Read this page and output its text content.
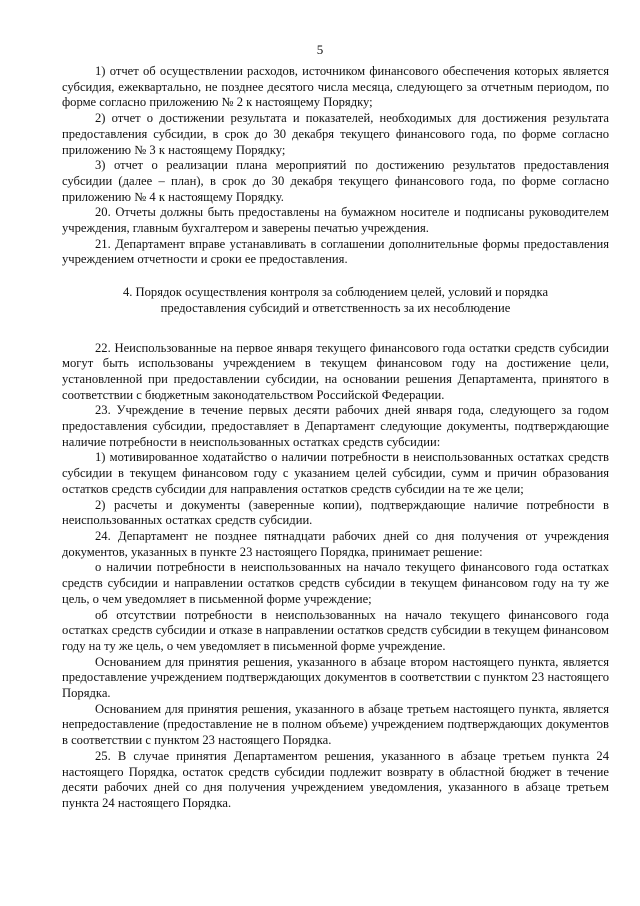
5

1) отчет об осуществлении расходов, источником финансового обеспечения которых является субсидия, ежеквартально, не позднее десятого числа месяца, следующего за отчетным периодом, по форме согласно приложению № 2 к настоящему Порядку;

2) отчет о достижении результата и показателей, необходимых для достижения результата предоставления субсидии, в срок до 30 декабря текущего финансового года, по форме согласно приложению № 3 к настоящему Порядку;

3) отчет о реализации плана мероприятий по достижению результатов предоставления субсидии (далее – план), в срок до 30 декабря текущего финансового года, по форме согласно приложению № 4 к настоящему Порядку.

20. Отчеты должны быть предоставлены на бумажном носителе и подписаны руководителем учреждения, главным бухгалтером и заверены печатью учреждения.

21. Департамент вправе устанавливать в соглашении дополнительные формы предоставления учреждением отчетности и сроки ее предоставления.

4. Порядок осуществления контроля за соблюдением целей, условий и порядка предоставления субсидий и ответственность за их несоблюдение

22. Неиспользованные на первое января текущего финансового года остатки средств субсидии могут быть использованы учреждением в текущем финансовом году на достижение цели, установленной при предоставлении субсидии, на основании решения Департамента, принятого в соответствии с бюджетным законодательством Российской Федерации.

23. Учреждение в течение первых десяти рабочих дней января года, следующего за годом предоставления субсидии, предоставляет в Департамент следующие документы, подтверждающие наличие потребности в неиспользованных остатках средств субсидии:

1) мотивированное ходатайство о наличии потребности в неиспользованных остатках средств субсидии в текущем финансовом году с указанием целей субсидии, сумм и причин образования остатков средств субсидии для направления остатков средств субсидии на те же цели;

2) расчеты и документы (заверенные копии), подтверждающие наличие потребности в неиспользованных остатках средств субсидии.

24. Департамент не позднее пятнадцати рабочих дней со дня получения от учреждения документов, указанных в пункте 23 настоящего Порядка, принимает решение:

о наличии потребности в неиспользованных на начало текущего финансового года остатках средств субсидии и направлении остатков средств субсидии в текущем финансовом году на ту же цель, о чем уведомляет в письменной форме учреждение;

об отсутствии потребности в неиспользованных на начало текущего финансового года остатках средств субсидии и отказе в направлении остатков средств субсидии в текущем финансовом году на ту же цель, о чем уведомляет в письменной форме учреждение.

Основанием для принятия решения, указанного в абзаце втором настоящего пункта, является предоставление учреждением подтверждающих документов в соответствии с пунктом 23 настоящего Порядка.

Основанием для принятия решения, указанного в абзаце третьем настоящего пункта, является непредоставление (предоставление не в полном объеме) учреждением подтверждающих документов в соответствии с пунктом 23 настоящего Порядка.

25. В случае принятия Департаментом решения, указанного в абзаце третьем пункта 24 настоящего Порядка, остаток средств субсидии подлежит возврату в областной бюджет в течение десяти рабочих дней со дня получения учреждением уведомления, указанного в абзаце третьем пункта 24 настоящего Порядка.
